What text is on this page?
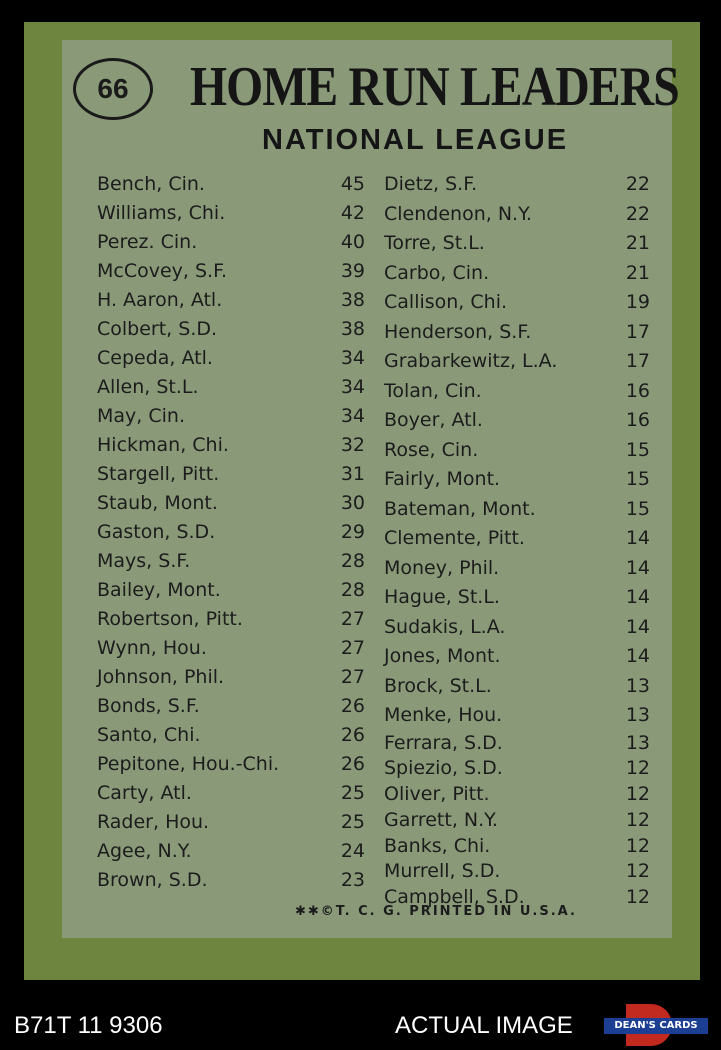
66	HOME RUN LEADERS
NATIONAL LEAGUE
Bench, Cin.	45
Williams, Chi.	42
Perez. Cin.	40
McCovey, S.F.	39
H. Aaron, Atl.	38
Colbert, S.D.	38
Cepeda, Atl.	34
Allen, St.L.	34
May, Cin.	34
Hickman, Chi.	32
Stargell, Pitt.	31
Staub, Mont.	30
Gaston, S.D.	29
Mays, S.F.	28
Bailey, Mont.	28
Robertson, Pitt.	27
Wynn, Hou.	27
Johnson, Phil.	27
Bonds, S.F.	26
Santo, Chi.	26
Pepitone, Hou.-Chi.	26
Carty, Atl.	25
Rader, Hou.	25
Agee, N.Y.	24
Brown, S.D.	23
Dietz, S.F.	22
Clendenon, N.Y.	22
Torre, St.L.	21
Carbo, Cin.	21
Callison, Chi.	19
Henderson, S.F.	17
Grabarkewitz, L.A.	17
Tolan, Cin.	16
Boyer, Atl.	16
Rose, Cin.	15
Fairly, Mont.	15
Bateman, Mont.	15
Clemente, Pitt.	14
Money, Phil.	14
Hague, St.L.	14
Sudakis, L.A.	14
Jones, Mont.	14
Brock, St.L.	13
Menke, Hou.	13
Ferrara, S.D.	13
Spiezio, S.D.	12
Oliver, Pitt.	12
Garrett, N.Y.	12
Banks, Chi.	12
Murrell, S.D.	12
Campbell, S.D.	12
✱✱©T. C. G. PRINTED IN U.S.A.
B71T 11 9306	ACTUAL IMAGE	DEAN'S CARDS
